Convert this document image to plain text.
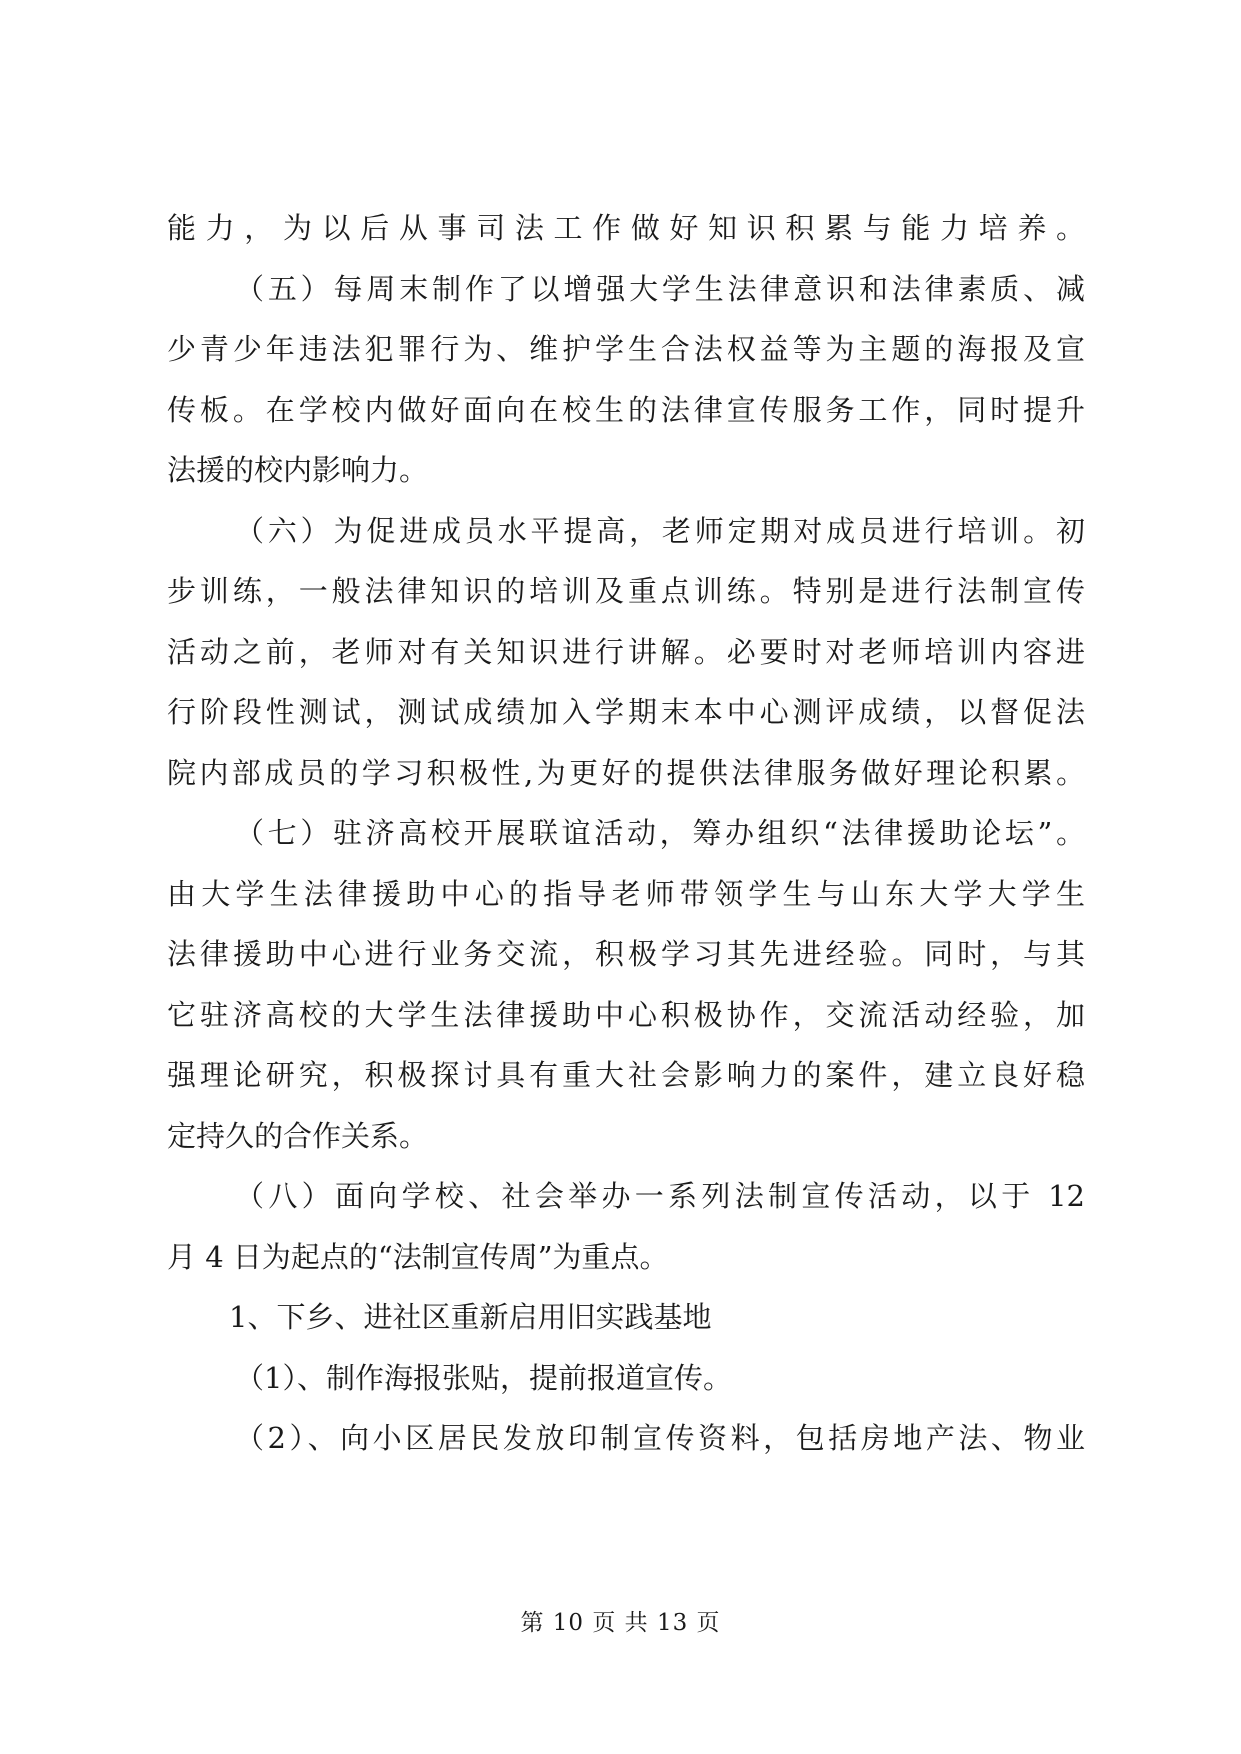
能力，为以后从事司法工作做好知识积累与能力培养。
（五）每周末制作了以增强大学生法律意识和法律素质、减
少青少年违法犯罪行为、维护学生合法权益等为主题的海报及宣
传板。在学校内做好面向在校生的法律宣传服务工作，同时提升
法援的校内影响力。
（六）为促进成员水平提高，老师定期对成员进行培训。初
步训练，一般法律知识的培训及重点训练。特别是进行法制宣传
活动之前，老师对有关知识进行讲解。必要时对老师培训内容进
行阶段性测试，测试成绩加入学期末本中心测评成绩，以督促法
院内部成员的学习积极性,为更好的提供法律服务做好理论积累。
（七）驻济高校开展联谊活动，筹办组织“法律援助论坛”。
由大学生法律援助中心的指导老师带领学生与山东大学大学生
法律援助中心进行业务交流，积极学习其先进经验。同时，与其
它驻济高校的大学生法律援助中心积极协作，交流活动经验，加
强理论研究，积极探讨具有重大社会影响力的案件，建立良好稳
定持久的合作关系。
（八）面向学校、社会举办一系列法制宣传活动，以于 12
月 4 日为起点的“法制宣传周”为重点。
1、下乡、进社区重新启用旧实践基地
（1）、制作海报张贴，提前报道宣传。
（2）、向小区居民发放印制宣传资料，包括房地产法、物业
第 10 页 共 13 页
